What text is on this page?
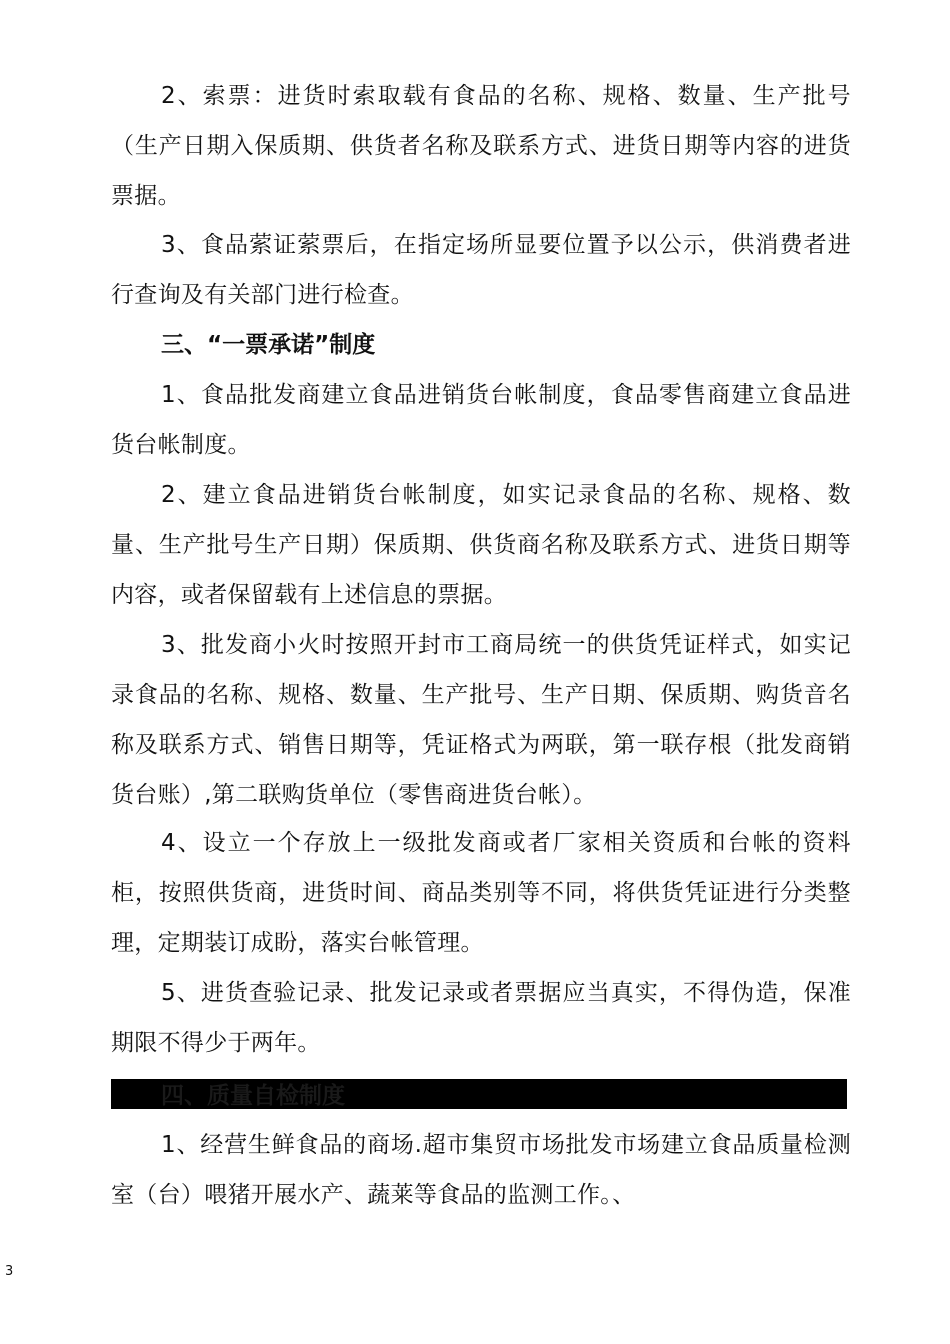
2、索票：进货时索取载有食品的名称、规格、数量、生产批号（生产日期入保质期、供货者名称及联系方式、进货日期等内容的进货票据。

3、食品萦证萦票后，在指定场所显要位置予以公示，供消费者进行查询及有关部门进行检查。

三、“一票承诺”制度

1、食品批发商建立食品进销货台帐制度，食品零售商建立食品进货台帐制度。

2、建立食品进销货台帐制度，如实记录食品的名称、规格、数量、生产批号生产日期）保质期、供货商名称及联系方式、进货日期等内容，或者保留载有上述信息的票据。

3、批发商小火时按照开封市工商局统一的供货凭证样式，如实记录食品的名称、规格、数量、生产批号、生产日期、保质期、购货音名称及联系方式、销售日期等，凭证格式为两联，第一联存根（批发商销货台账）,第二联购货单位（零售商进货台帐）。

4、设立一个存放上一级批发商或者厂家相关资质和台帐的资料柜，按照供货商，进货时间、商品类别等不同，将供货凭证进行分类整理，定期装订成盼，落实台帐管理。

5、进货查验记录、批发记录或者票据应当真实，不得伪造，保准期限不得少于两年。

四、质量自检制度

1、经营生鲜食品的商场.超市集贸市场批发市场建立食品质量检测室（台）喂猪开展水产、蔬莱等食品的监测工作。、

3
